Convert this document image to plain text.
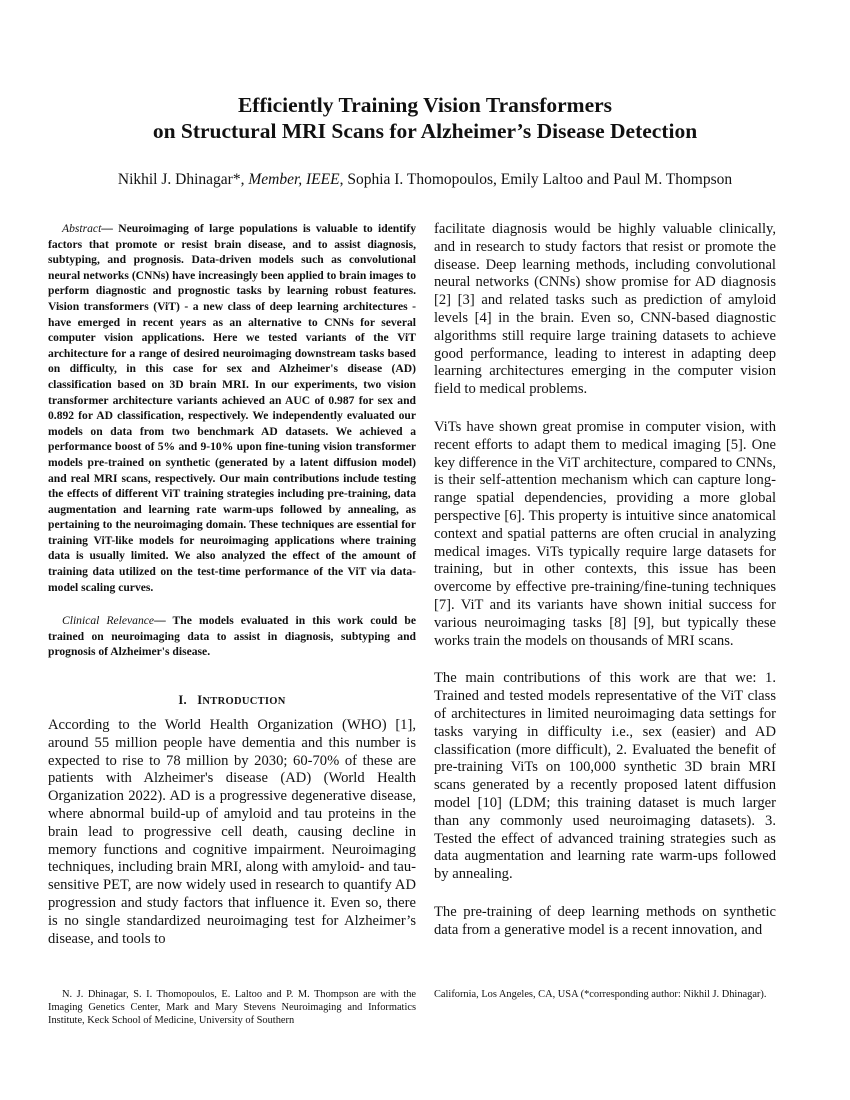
Efficiently Training Vision Transformers
on Structural MRI Scans for Alzheimer’s Disease Detection

Nikhil J. Dhinagar*, Member, IEEE, Sophia I. Thomopoulos, Emily Laltoo and Paul M. Thompson

Abstract— Neuroimaging of large populations is valuable to identify factors that promote or resist brain disease, and to assist diagnosis, subtyping, and prognosis. Data-driven models such as convolutional neural networks (CNNs) have increasingly been applied to brain images to perform diagnostic and prognostic tasks by learning robust features. Vision transformers (ViT) - a new class of deep learning architectures - have emerged in recent years as an alternative to CNNs for several computer vision applications. Here we tested variants of the ViT architecture for a range of desired neuroimaging downstream tasks based on difficulty, in this case for sex and Alzheimer's disease (AD) classification based on 3D brain MRI. In our experiments, two vision transformer architecture variants achieved an AUC of 0.987 for sex and 0.892 for AD classification, respectively. We independently evaluated our models on data from two benchmark AD datasets. We achieved a performance boost of 5% and 9-10% upon fine-tuning vision transformer models pre-trained on synthetic (generated by a latent diffusion model) and real MRI scans, respectively. Our main contributions include testing the effects of different ViT training strategies including pre-training, data augmentation and learning rate warm-ups followed by annealing, as pertaining to the neuroimaging domain. These techniques are essential for training ViT-like models for neuroimaging applications where training data is usually limited. We also analyzed the effect of the amount of training data utilized on the test-time performance of the ViT via data-model scaling curves.

Clinical Relevance— The models evaluated in this work could be trained on neuroimaging data to assist in diagnosis, subtyping and prognosis of Alzheimer's disease.

I. INTRODUCTION

According to the World Health Organization (WHO) [1], around 55 million people have dementia and this number is expected to rise to 78 million by 2030; 60-70% of these are patients with Alzheimer's disease (AD) (World Health Organization 2022). AD is a progressive degenerative disease, where abnormal build-up of amyloid and tau proteins in the brain lead to progressive cell death, causing decline in memory functions and cognitive impairment. Neuroimaging techniques, including brain MRI, along with amyloid- and tau-sensitive PET, are now widely used in research to quantify AD progression and study factors that influence it. Even so, there is no single standardized neuroimaging test for Alzheimer’s disease, and tools to

N. J. Dhinagar, S. I. Thomopoulos, E. Laltoo and P. M. Thompson are with the Imaging Genetics Center, Mark and Mary Stevens Neuroimaging and Informatics Institute, Keck School of Medicine, University of Southern

facilitate diagnosis would be highly valuable clinically, and in research to study factors that resist or promote the disease. Deep learning methods, including convolutional neural networks (CNNs) show promise for AD diagnosis [2] [3] and related tasks such as prediction of amyloid levels [4] in the brain. Even so, CNN-based diagnostic algorithms still require large training datasets to achieve good performance, leading to interest in adapting deep learning architectures emerging in the computer vision field to medical problems.

ViTs have shown great promise in computer vision, with recent efforts to adapt them to medical imaging [5]. One key difference in the ViT architecture, compared to CNNs, is their self-attention mechanism which can capture long-range spatial dependencies, providing a more global perspective [6]. This property is intuitive since anatomical context and spatial patterns are often crucial in analyzing medical images. ViTs typically require large datasets for training, but in other contexts, this issue has been overcome by effective pre-training/fine-tuning techniques [7]. ViT and its variants have shown initial success for various neuroimaging tasks [8] [9], but typically these works train the models on thousands of MRI scans.

The main contributions of this work are that we: 1. Trained and tested models representative of the ViT class of architectures in limited neuroimaging data settings for tasks varying in difficulty i.e., sex (easier) and AD classification (more difficult), 2. Evaluated the benefit of pre-training ViTs on 100,000 synthetic 3D brain MRI scans generated by a recently proposed latent diffusion model [10] (LDM; this training dataset is much larger than any commonly used neuroimaging datasets). 3. Tested the effect of advanced training strategies such as data augmentation and learning rate warm-ups followed by annealing.

The pre-training of deep learning methods on synthetic data from a generative model is a recent innovation, and

California, Los Angeles, CA, USA (*corresponding author: Nikhil J. Dhinagar).
